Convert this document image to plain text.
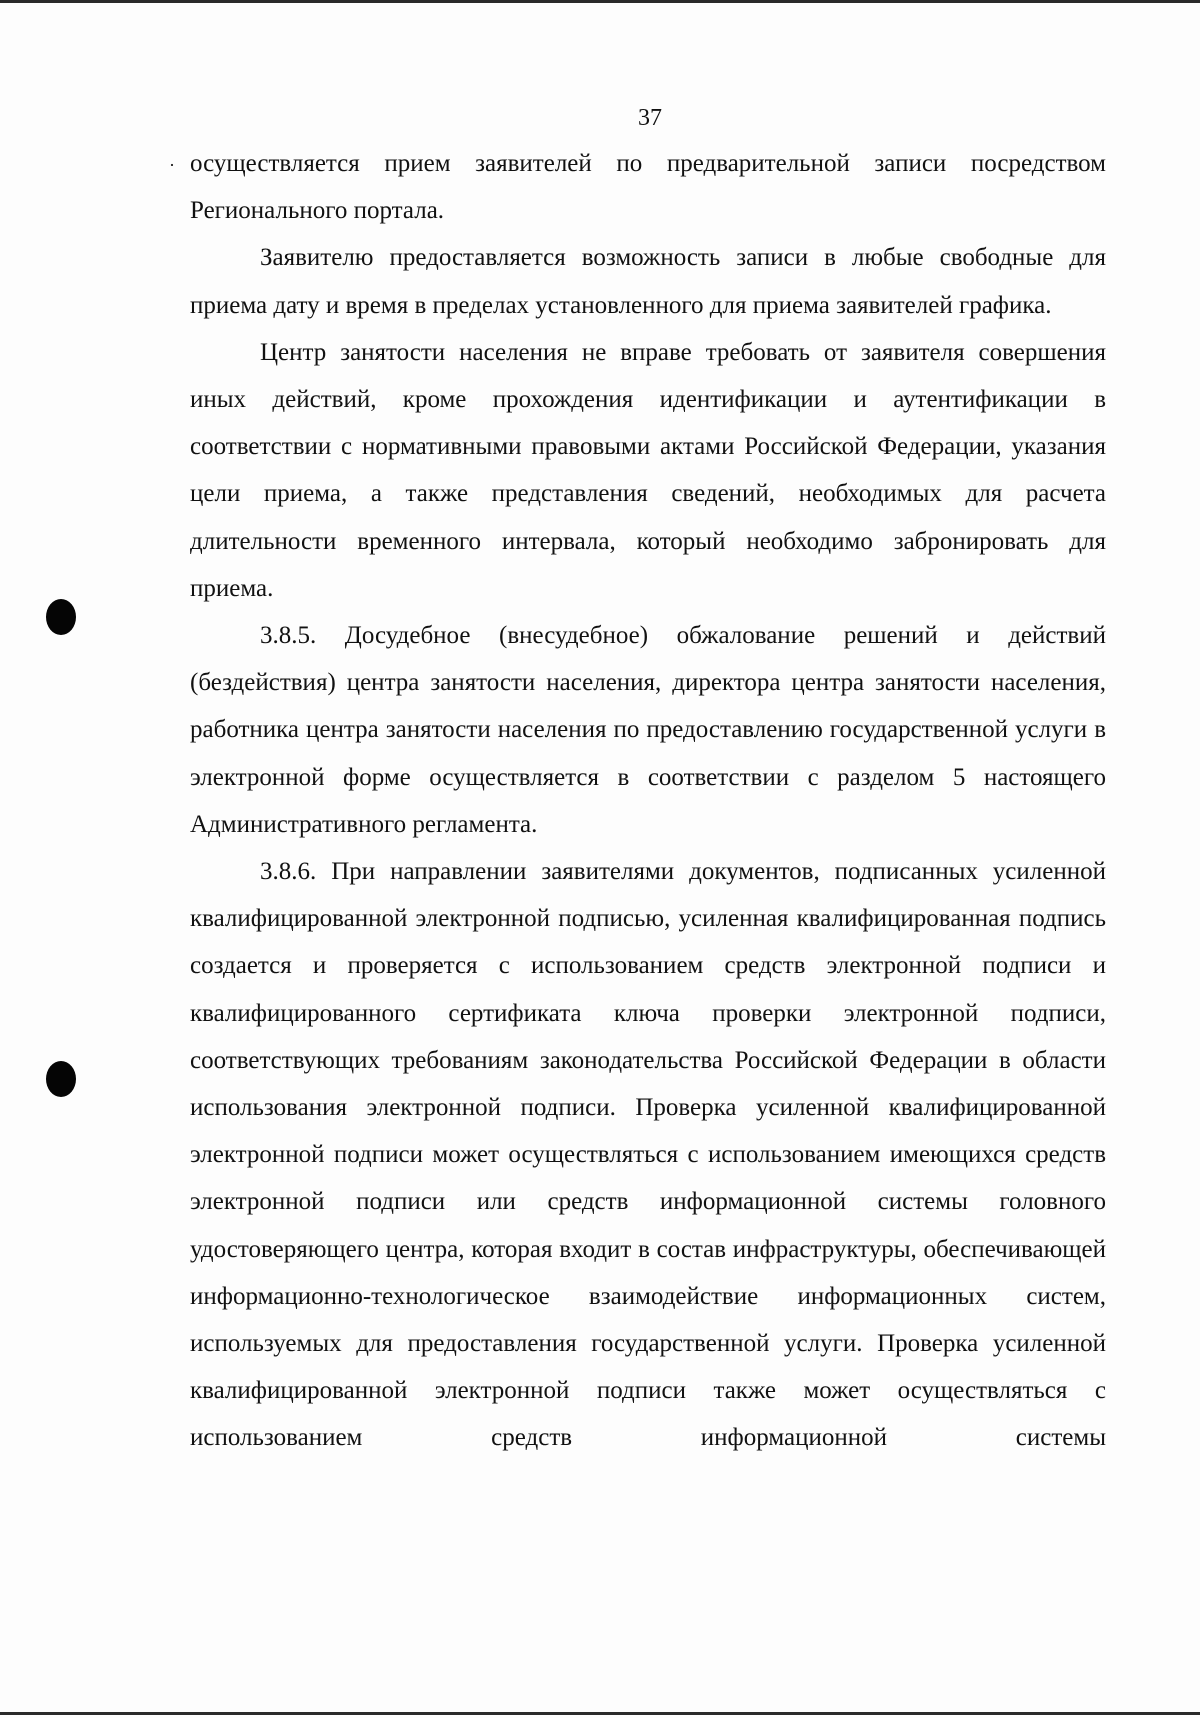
37
· осуществляется прием заявителей по предварительной записи посредством Регионального портала.

Заявителю предоставляется возможность записи в любые свободные для приема дату и время в пределах установленного для приема заявителей графика.

Центр занятости населения не вправе требовать от заявителя совершения иных действий, кроме прохождения идентификации и аутентификации в соответствии с нормативными правовыми актами Российской Федерации, указания цели приема, а также представления сведений, необходимых для расчета длительности временного интервала, который необходимо забронировать для приема.

3.8.5. Досудебное (внесудебное) обжалование решений и действий (бездействия) центра занятости населения, директора центра занятости населения, работника центра занятости населения по предоставлению государственной услуги в электронной форме осуществляется в соответствии с разделом 5 настоящего Административного регламента.

3.8.6. При направлении заявителями документов, подписанных усиленной квалифицированной электронной подписью, усиленная квалифицированная подпись создается и проверяется с использованием средств электронной подписи и квалифицированного сертификата ключа проверки электронной подписи, соответствующих требованиям законодательства Российской Федерации в области использования электронной подписи. Проверка усиленной квалифицированной электронной подписи может осуществляться с использованием имеющихся средств электронной подписи или средств информационной системы головного удостоверяющего центра, которая входит в состав инфраструктуры, обеспечивающей информационно-технологическое взаимодействие информационных систем, используемых для предоставления государственной услуги. Проверка усиленной квалифицированной электронной подписи также может осуществляться с использованием средств информационной системы
